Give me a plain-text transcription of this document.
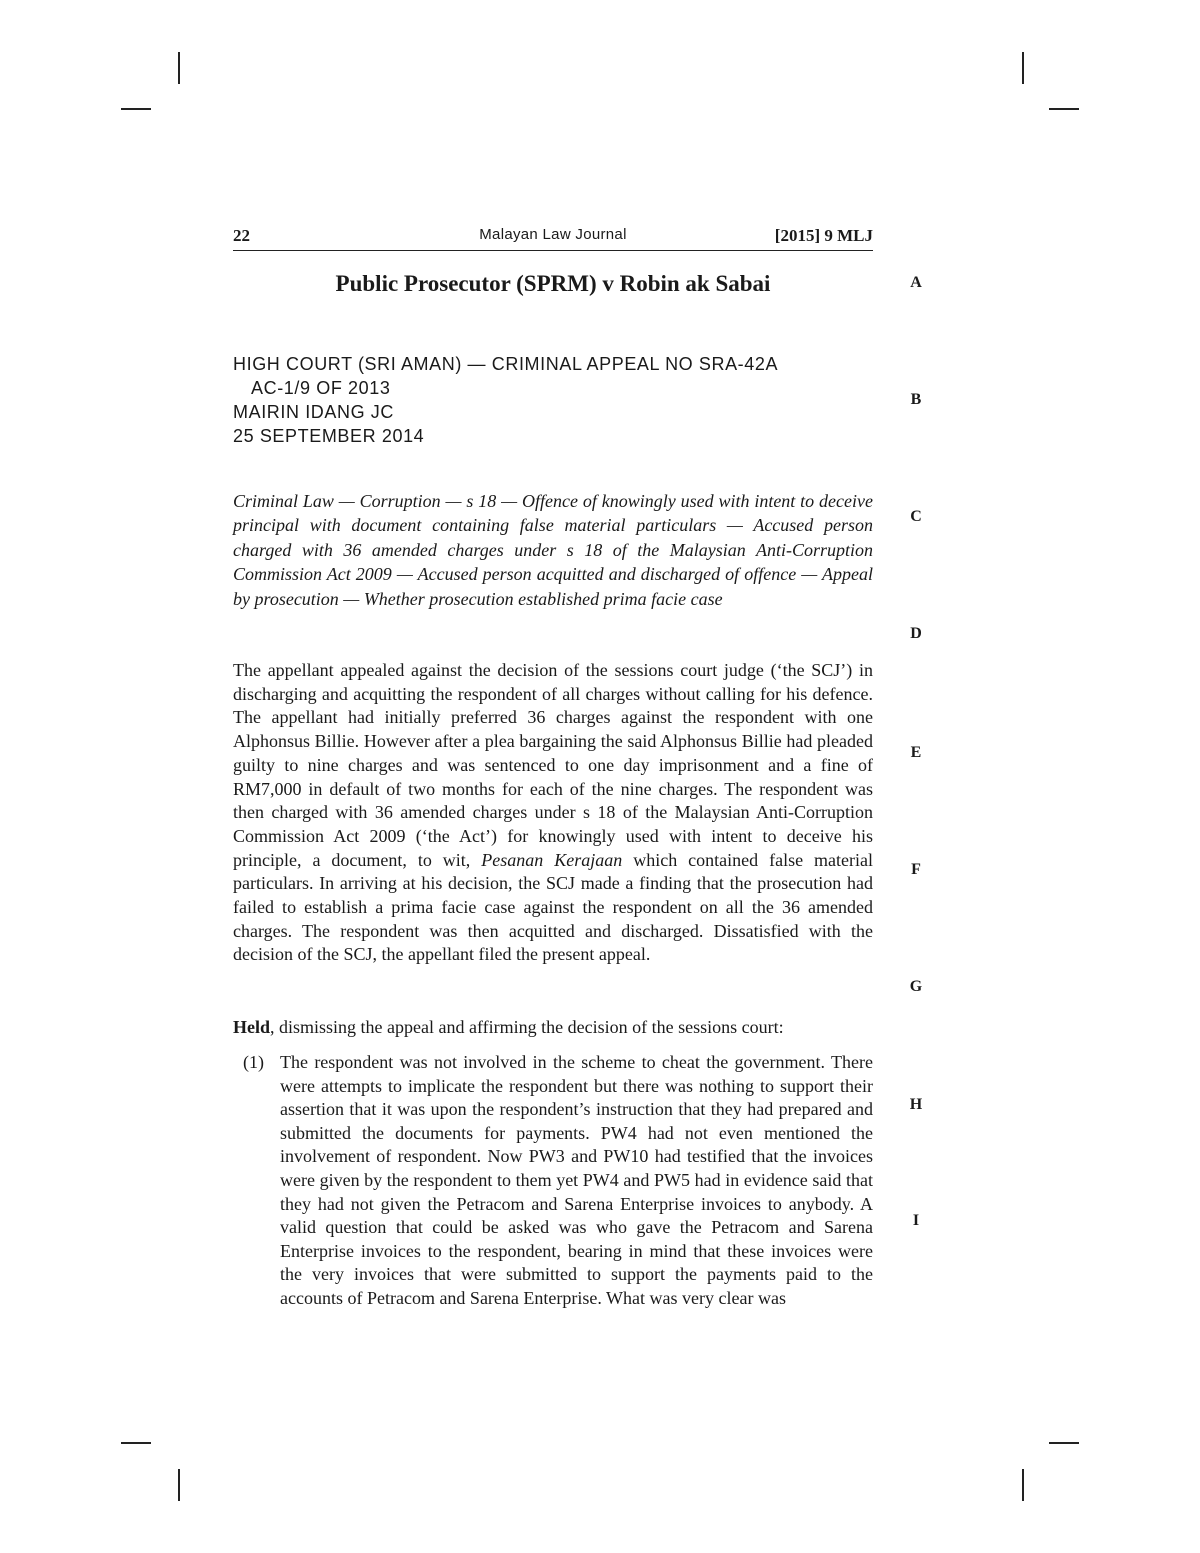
22	Malayan Law Journal	[2015] 9 MLJ
Public Prosecutor (SPRM) v Robin ak Sabai
HIGH COURT (SRI AMAN) — CRIMINAL APPEAL NO SRA-42A
AC-1/9 OF 2013
MAIRIN IDANG JC
25 SEPTEMBER 2014
Criminal Law — Corruption — s 18 — Offence of knowingly used with intent to deceive principal with document containing false material particulars — Accused person charged with 36 amended charges under s 18 of the Malaysian Anti-Corruption Commission Act 2009 — Accused person acquitted and discharged of offence — Appeal by prosecution — Whether prosecution established prima facie case
The appellant appealed against the decision of the sessions court judge (‘the SCJ’) in discharging and acquitting the respondent of all charges without calling for his defence. The appellant had initially preferred 36 charges against the respondent with one Alphonsus Billie. However after a plea bargaining the said Alphonsus Billie had pleaded guilty to nine charges and was sentenced to one day imprisonment and a fine of RM7,000 in default of two months for each of the nine charges. The respondent was then charged with 36 amended charges under s 18 of the Malaysian Anti-Corruption Commission Act 2009 (‘the Act’) for knowingly used with intent to deceive his principle, a document, to wit, Pesanan Kerajaan which contained false material particulars. In arriving at his decision, the SCJ made a finding that the prosecution had failed to establish a prima facie case against the respondent on all the 36 amended charges. The respondent was then acquitted and discharged. Dissatisfied with the decision of the SCJ, the appellant filed the present appeal.
Held, dismissing the appeal and affirming the decision of the sessions court:
(1) The respondent was not involved in the scheme to cheat the government. There were attempts to implicate the respondent but there was nothing to support their assertion that it was upon the respondent’s instruction that they had prepared and submitted the documents for payments. PW4 had not even mentioned the involvement of respondent. Now PW3 and PW10 had testified that the invoices were given by the respondent to them yet PW4 and PW5 had in evidence said that they had not given the Petracom and Sarena Enterprise invoices to anybody. A valid question that could be asked was who gave the Petracom and Sarena Enterprise invoices to the respondent, bearing in mind that these invoices were the very invoices that were submitted to support the payments paid to the accounts of Petracom and Sarena Enterprise. What was very clear was
A
B
C
D
E
F
G
H
I
